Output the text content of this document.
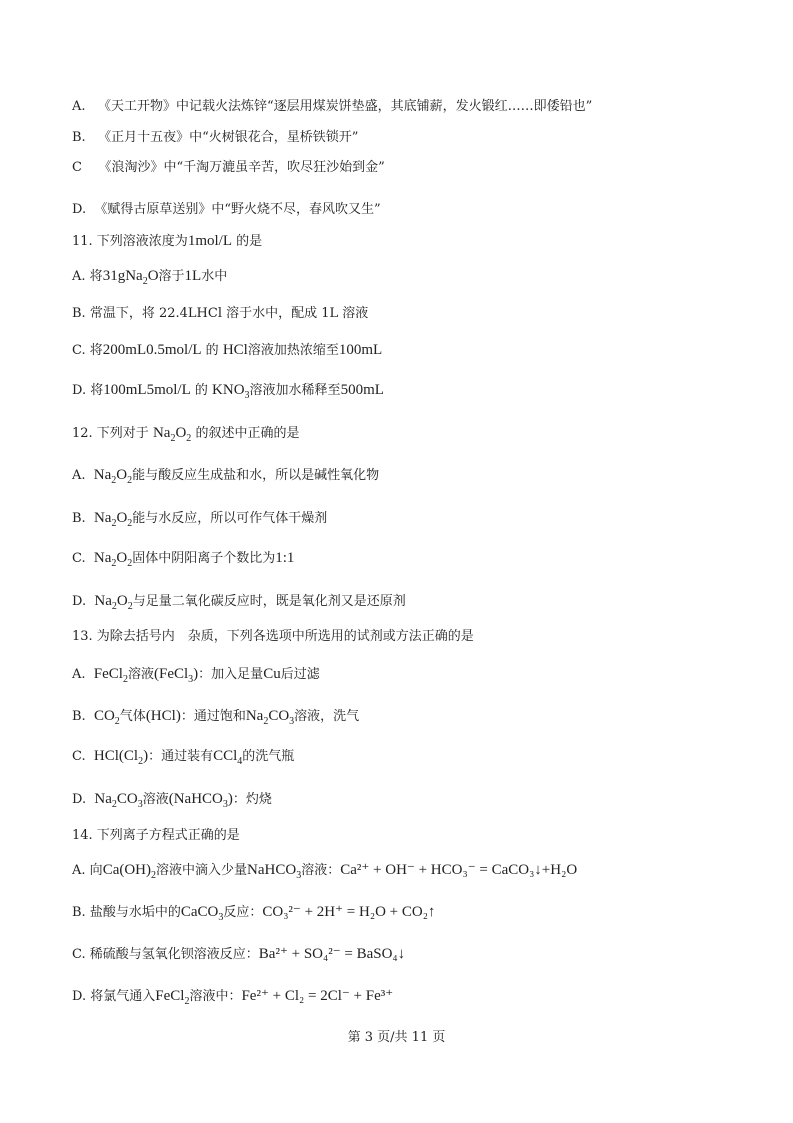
A. 《天工开物》中记载火法炼锌“逐层用煤炭饼垫盛，其底铺薪，发火锻红……即倭铅也”
B. 《正月十五夜》中“火树银花合，星桥铁锁开”
C 《浪淘沙》中“千淘万漉虽辛苦，吹尽狂沙始到金”
D. 《赋得古原草送别》中“野火烧不尽，春风吹又生”
11. 下列溶液浓度为1mol/L 的是
A. 将31gNa$_2$O溶于1L水中
B. 常温下，将 22.4LHCl 溶于水中，配成 1L 溶液
C. 将200mL0.5mol/L 的 HCl溶液加热浓缩至100mL
D. 将100mL5mol/L 的 $KNO_3$溶液加水稀释至500mL
12. 下列对于 $Na_2O_2$ 的叙述中正确的是
A. $Na_2O_2$能与酸反应生成盐和水，所以是碱性氧化物
B. $Na_2O_2$能与水反应，所以可作气体干燥剂
C. $Na_2O_2$固体中阴阳离子个数比为1:1
D. $Na_2O_2$与足量二氧化碳反应时，既是氧化剂又是还原剂
13. 为除去括号内　杂质，下列各选项中所选用的试剂或方法正确的是
A. FeCl$_2$溶液(FeCl$_3$)：加入足量Cu后过滤
B. $CO_2$气体(HCl)：通过饱和$Na_2CO_3$溶液，洗气
C. $HCl(Cl_2)$：通过装有CCl$_4$的洗气瓶
D. $Na_2CO_3$溶液(NaHCO$_3$)：灼烧
14. 下列离子方程式正确的是
A. 向$Ca(OH)_2$溶液中滴入少量NaHCO$_3$溶液：Ca²⁺ + OH⁻ + HCO₃⁻ = CaCO₃↓+H₂O
B. 盐酸与水垢中的CaCO$_3$反应：CO₃²⁻ + 2H⁺ = H₂O + CO₂↑
C. 稀硫酸与氢氧化钡溶液反应：Ba²⁺ + SO₄²⁻ = BaSO₄↓
D. 将氯气通入FeCl$_2$溶液中：Fe²⁺ + Cl₂ = 2Cl⁻ + Fe³⁺
第 3 页/共 11 页
